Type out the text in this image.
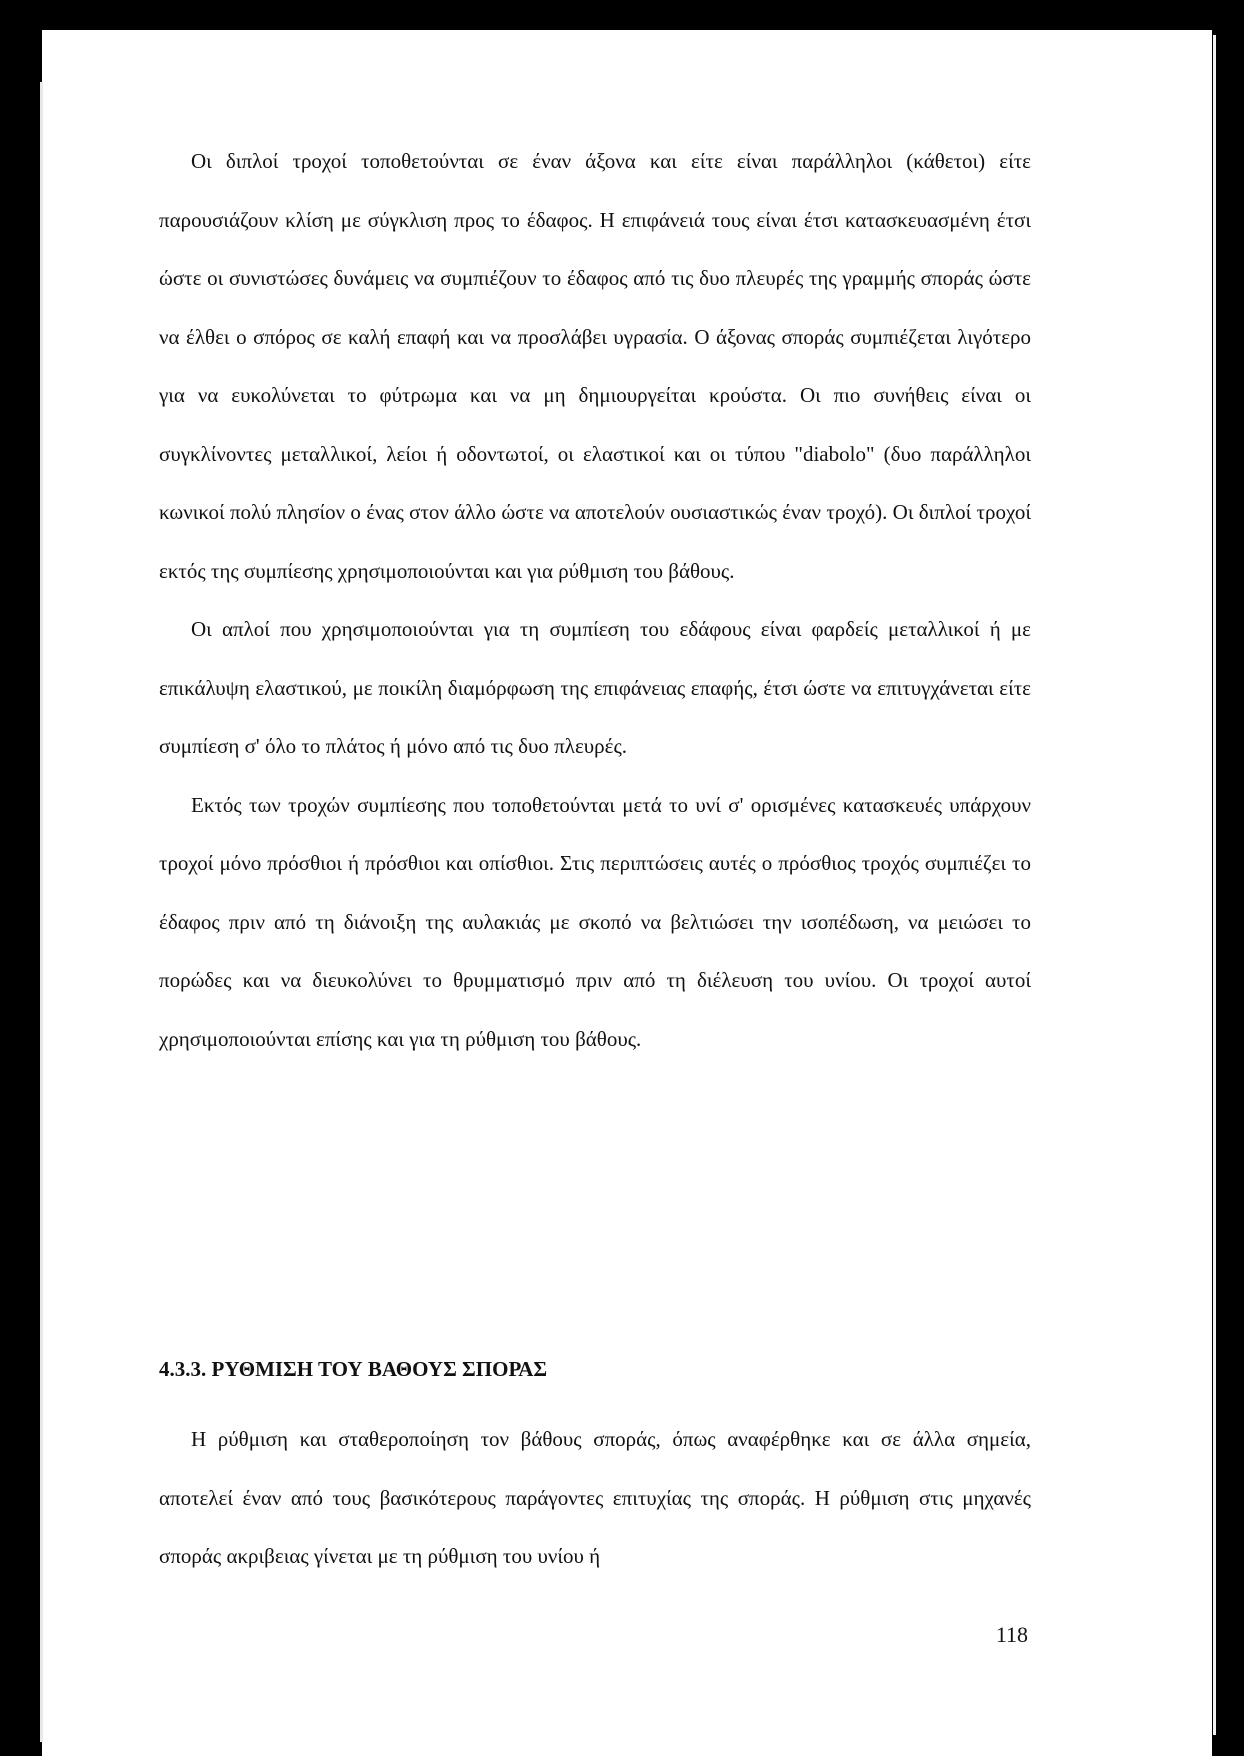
Οι διπλοί τροχοί τοποθετούνται σε έναν άξονα και είτε είναι παράλληλοι (κάθετοι) είτε παρουσιάζουν κλίση με σύγκλιση προς το έδαφος. Η επιφάνειά τους είναι έτσι κατασκευασμένη έτσι ώστε οι συνιστώσες δυνάμεις να συμπιέζουν το έδαφος από τις δυο πλευρές της γραμμής σποράς ώστε να έλθει ο σπόρος σε καλή επαφή και να προσλάβει υγρασία. Ο άξονας σποράς συμπιέζεται λιγότερο για να ευκολύνεται το φύτρωμα και να μη δημιουργείται κρούστα. Οι πιο συνήθεις είναι οι συγκλίνοντες μεταλλικοί, λείοι ή οδοντωτοί, οι ελαστικοί και οι τύπου "diabolo" (δυο παράλληλοι κωνικοί πολύ πλησίον ο ένας στον άλλο ώστε να αποτελούν ουσιαστικώς έναν τροχό). Οι διπλοί τροχοί εκτός της συμπίεσης χρησιμοποιούνται και για ρύθμιση του βάθους.

Οι απλοί που χρησιμοποιούνται για τη συμπίεση του εδάφους είναι φαρδείς μεταλλικοί ή με επικάλυψη ελαστικού, με ποικίλη διαμόρφωση της επιφάνειας επαφής, έτσι ώστε να επιτυγχάνεται είτε συμπίεση σ' όλο το πλάτος ή μόνο από τις δυο πλευρές.

Εκτός των τροχών συμπίεσης που τοποθετούνται μετά το υνί σ' ορισμένες κατασκευές υπάρχουν τροχοί μόνο πρόσθιοι ή πρόσθιοι και οπίσθιοι. Στις περιπτώσεις αυτές ο πρόσθιος τροχός συμπιέζει το έδαφος πριν από τη διάνοιξη της αυλακιάς με σκοπό να βελτιώσει την ισοπέδωση, να μειώσει το πορώδες και να διευκολύνει το θρυμματισμό πριν από τη διέλευση του υνίου. Οι τροχοί αυτοί χρησιμοποιούνται επίσης και για τη ρύθμιση του βάθους.

4.3.3. ΡΥΘΜΙΣΗ ΤΟΥ ΒΑΘΟΥΣ ΣΠΟΡΑΣ

Η ρύθμιση και σταθεροποίηση τον βάθους σποράς, όπως αναφέρθηκε και σε άλλα σημεία, αποτελεί έναν από τους βασικότερους παράγοντες επιτυχίας της σποράς. Η ρύθμιση στις μηχανές σποράς ακριβειας γίνεται με τη ρύθμιση του υνίου ή

118
